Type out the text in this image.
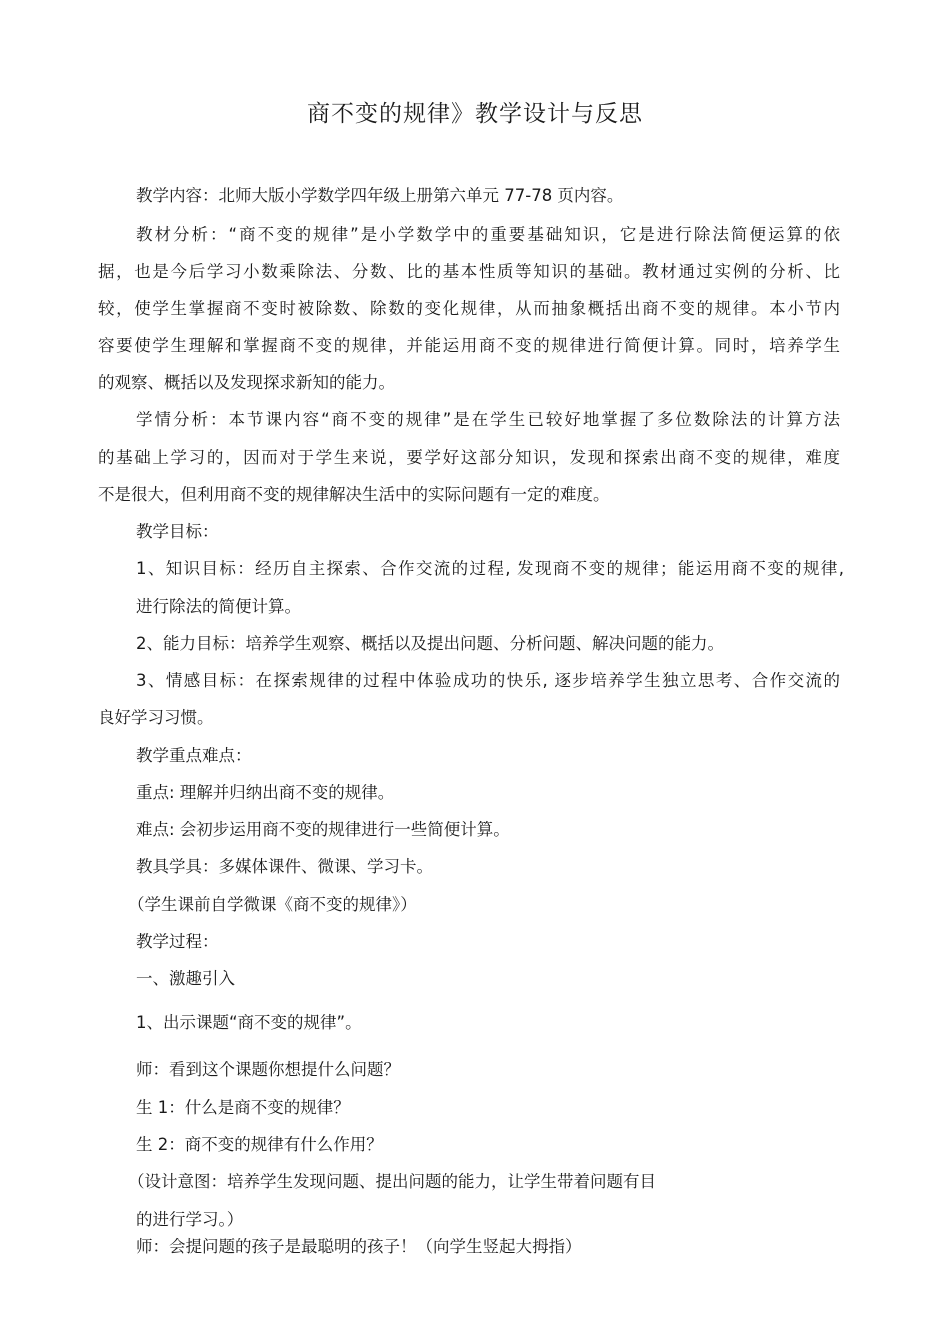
商不变的规律》教学设计与反思
教学内容：北师大版小学数学四年级上册第六单元 77-78 页内容。
教材分析：“商不变的规律”是小学数学中的重要基础知识，它是进行除法简便运算的依
据，也是今后学习小数乘除法、分数、比的基本性质等知识的基础。教材通过实例的分析、比
较，使学生掌握商不变时被除数、除数的变化规律，从而抽象概括出商不变的规律。本小节内
容要使学生理解和掌握商不变的规律，并能运用商不变的规律进行简便计算。同时，培养学生
的观察、概括以及发现探求新知的能力。
学情分析：本节课内容“商不变的规律”是在学生已较好地掌握了多位数除法的计算方法
的基础上学习的，因而对于学生来说，要学好这部分知识，发现和探索出商不变的规律，难度
不是很大，但利用商不变的规律解决生活中的实际问题有一定的难度。
教学目标：
1、知识目标：经历自主探索、合作交流的过程, 发现商不变的规律；能运用商不变的规律,
进行除法的简便计算。
2、能力目标：培养学生观察、概括以及提出问题、分析问题、解决问题的能力。
3、情感目标：在探索规律的过程中体验成功的快乐, 逐步培养学生独立思考、合作交流的
良好学习习惯。
教学重点难点：
重点: 理解并归纳出商不变的规律。
难点: 会初步运用商不变的规律进行一些简便计算。
教具学具：多媒体课件、微课、学习卡。
（学生课前自学微课《商不变的规律》）
教学过程：
一、激趣引入
1、出示课题“商不变的规律”。
师：看到这个课题你想提什么问题？
生 1：什么是商不变的规律？
生 2：商不变的规律有什么作用？
（设计意图：培养学生发现问题、提出问题的能力，让学生带着问题有目
的进行学习。）
师：会提问题的孩子是最聪明的孩子！（向学生竖起大拇指）
